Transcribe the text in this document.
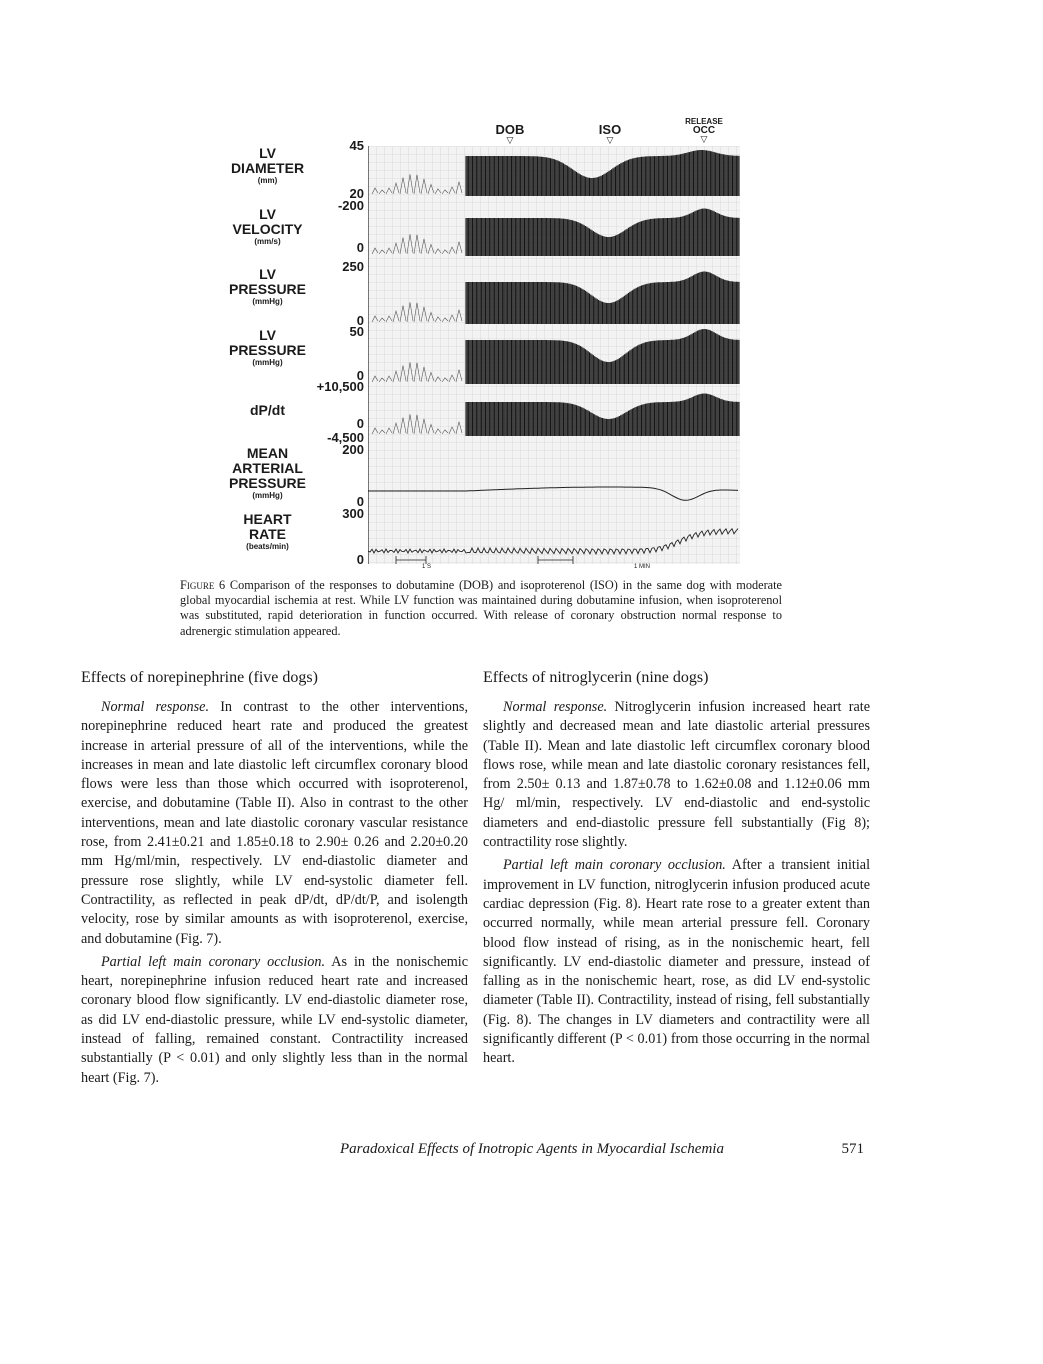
LV
DIAMETER
(mm)
LV
VELOCITY
(mm/s)
LV
PRESSURE
(mmHg)
LV
PRESSURE
(mmHg)
dP/dt
MEAN
ARTERIAL PRESSURE
(mmHg)
HEART
RATE
(beats/min)
45
20
-200
0
250
0
50
0
+10,500
0
-4,500
200
0
300
0
DOB
▽
ISO
▽
RELEASE
OCC
▽
1 S	1 MIN
Figure 6 Comparison of the responses to dobutamine (DOB) and isoproterenol (ISO) in the same dog with moderate global myocardial ischemia at rest. While LV function was maintained during dobutamine infusion, when isoproterenol was substituted, rapid deterioration in function occurred. With release of coronary obstruction normal response to adrenergic stimulation appeared.
Effects of norepinephrine (five dogs)

Normal response. In contrast to the other interventions, norepinephrine reduced heart rate and produced the greatest increase in arterial pressure of all of the interventions, while the increases in mean and late diastolic left circumflex coronary blood flows were less than those which occurred with isoproterenol, exercise, and dobutamine (Table II). Also in contrast to the other interventions, mean and late diastolic coronary vascular resistance rose, from 2.41±0.21 and 1.85±0.18 to 2.90± 0.26 and 2.20±0.20 mm Hg/ml/min, respectively. LV end-diastolic diameter and pressure rose slightly, while LV end-systolic diameter fell. Contractility, as reflected in peak dP/dt, dP/dt/P, and isolength velocity, rose by similar amounts as with isoproterenol, exercise, and dobutamine (Fig. 7).

Partial left main coronary occlusion. As in the nonischemic heart, norepinephrine infusion reduced heart rate and increased coronary blood flow significantly. LV end-diastolic diameter rose, as did LV end-diastolic pressure, while LV end-systolic diameter, instead of falling, remained constant. Contractility increased substantially (P < 0.01) and only slightly less than in the normal heart (Fig. 7).

Effects of nitroglycerin (nine dogs)

Normal response. Nitroglycerin infusion increased heart rate slightly and decreased mean and late diastolic arterial pressures (Table II). Mean and late diastolic left circumflex coronary blood flows rose, while mean and late diastolic coronary resistances fell, from 2.50± 0.13 and 1.87±0.78 to 1.62±0.08 and 1.12±0.06 mm Hg/ ml/min, respectively. LV end-diastolic and end-systolic diameters and end-diastolic pressure fell substantially (Fig 8); contractility rose slightly.

Partial left main coronary occlusion. After a transient initial improvement in LV function, nitroglycerin infusion produced acute cardiac depression (Fig. 8). Heart rate rose to a greater extent than occurred normally, while mean arterial pressure fell. Coronary blood flow instead of rising, as in the nonischemic heart, fell significantly. LV end-diastolic diameter and pressure, instead of falling as in the nonischemic heart, rose, as did LV end-systolic diameter (Table II). Contractility, instead of rising, fell substantially (Fig. 8). The changes in LV diameters and contractility were all significantly different (P < 0.01) from those occurring in the normal heart.

Paradoxical Effects of Inotropic Agents in Myocardial Ischemia	571
